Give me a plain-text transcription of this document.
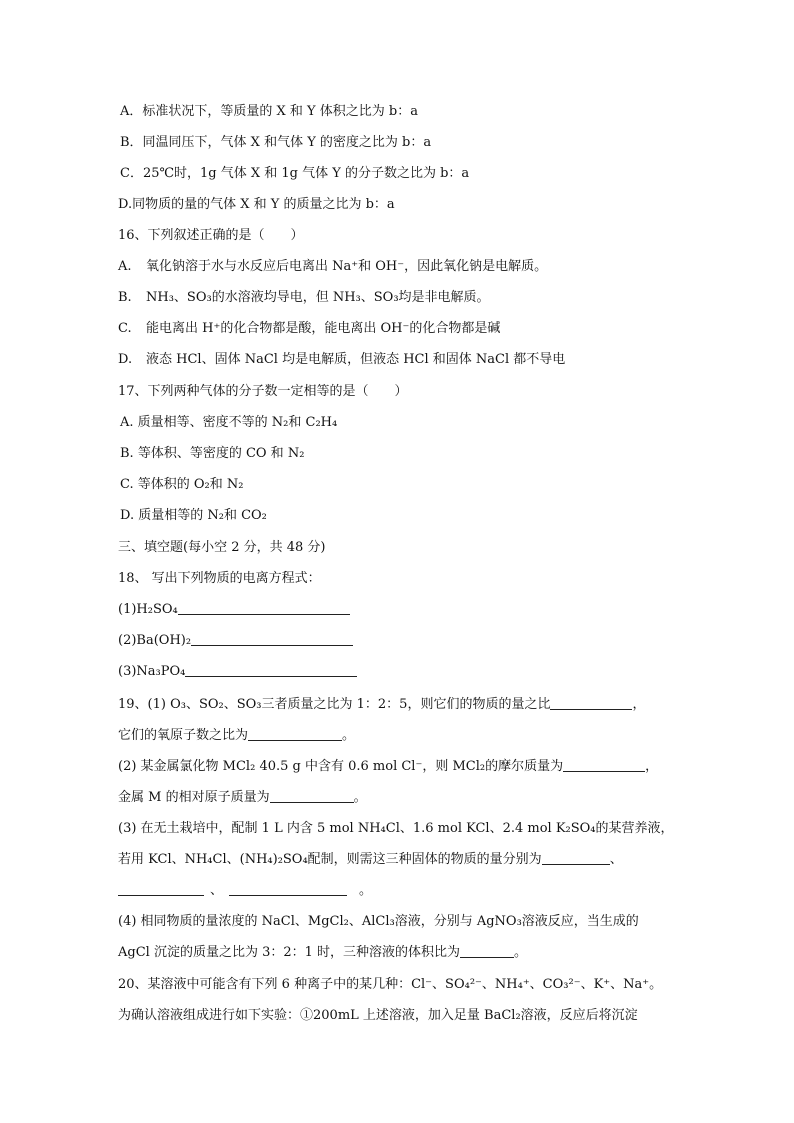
A．标准状况下，等质量的 X 和 Y 体积之比为 b：a
B．同温同压下，气体 X 和气体 Y 的密度之比为 b：a
C．25℃时，1g 气体 X 和 1g 气体 Y 的分子数之比为 b：a
D.同物质的量的气体 X 和 Y 的质量之比为 b：a
16、下列叙述正确的是（　　）
A. 氧化钠溶于水与水反应后电离出 Na⁺和 OH⁻，因此氧化钠是电解质。
B. NH₃、SO₃的水溶液均导电，但 NH₃、SO₃均是非电解质。
C. 能电离出 H⁺的化合物都是酸，能电离出 OH⁻的化合物都是碱
D. 液态 HCl、固体 NaCl 均是电解质，但液态 HCl 和固体 NaCl 都不导电
17、下列两种气体的分子数一定相等的是（　　）
A. 质量相等、密度不等的 N₂和 C₂H₄
B. 等体积、等密度的 CO 和 N₂
C. 等体积的 O₂和 N₂
D. 质量相等的 N₂和 CO₂
三、填空题(每小空 2 分，共 48 分)
18、 写出下列物质的电离方程式：
(1)H₂SO₄
(2)Ba(OH)₂
(3)Na₃PO₄
19、(1) O₃、SO₂、SO₃三者质量之比为 1：2：5，则它们的物质的量之比	，
它们的氧原子数之比为	。
(2) 某金属氯化物 MCl₂ 40.5 g 中含有 0.6 mol Cl⁻，则 MCl₂的摩尔质量为	，
金属 M 的相对原子质量为	。
(3) 在无土栽培中，配制 1 L 内含 5 mol NH₄Cl、1.6 mol KCl、2.4 mol K₂SO₄的某营养液，
若用 KCl、NH₄Cl、(NH₄)₂SO₄配制，则需这三种固体的物质的量分别为	、
、	。
(4) 相同物质的量浓度的 NaCl、MgCl₂、AlCl₃溶液，分别与 AgNO₃溶液反应，当生成的
AgCl 沉淀的质量之比为 3：2：1 时，三种溶液的体积比为	。
20、某溶液中可能含有下列 6 种离子中的某几种：Cl⁻、SO₄²⁻、NH₄⁺、CO₃²⁻、K⁺、Na⁺。
为确认溶液组成进行如下实验：①200mL 上述溶液，加入足量 BaCl₂溶液，反应后将沉淀
